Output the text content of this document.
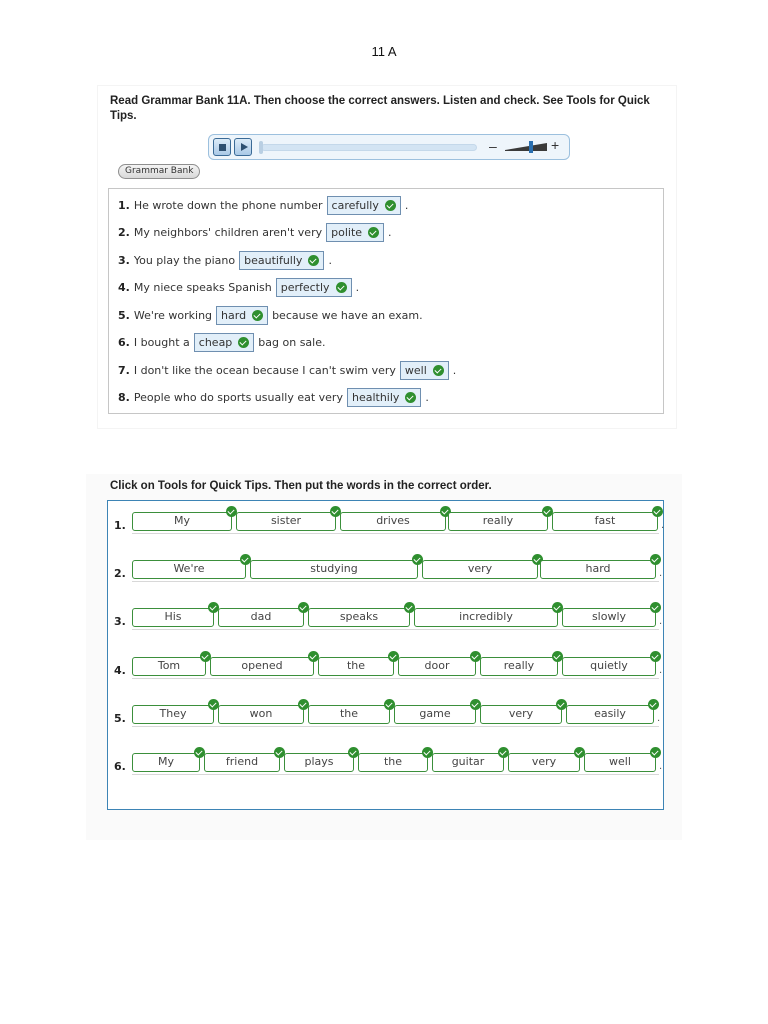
11 A
Read Grammar Bank 11A. Then choose the correct answers. Listen and check. See Tools for Quick Tips.
–	+
Grammar Bank
1. He wrote down the phone number carefully .
2. My neighbors' children aren't very polite .
3. You play the piano beautifully .
4. My niece speaks Spanish perfectly .
5. We're working hard because we have an exam.
6. I bought a cheap bag on sale.
7. I don't like the ocean because I can't swim very well .
8. People who do sports usually eat very healthily .
Click on Tools for Quick Tips. Then put the words in the correct order.
1.	My	sister	drives	really	fast	.
2.	We're	studying	very	hard	.
3.	His	dad	speaks	incredibly	slowly	.
4.	Tom	opened	the	door	really	quietly	.
5.	They	won	the	game	very	easily	.
6.	My	friend	plays	the	guitar	very	well	.
